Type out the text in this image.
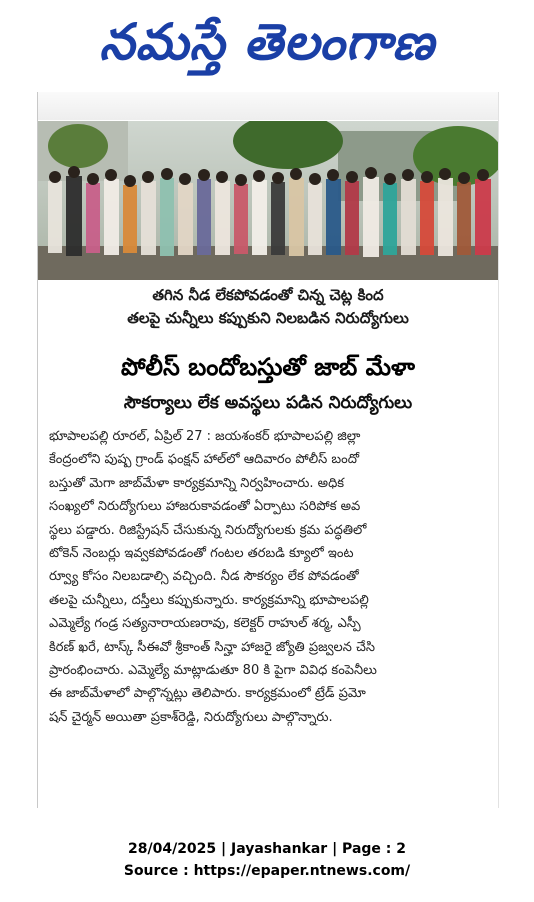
నమస్తే తెలంగాణ
తగిన నీడ లేకపోవడంతో చిన్న చెట్ల కింద
తలపై చున్నీలు కప్పుకుని నిలబడిన నిరుద్యోగులు
పోలీస్ బందోబస్తుతో జాబ్ మేళా
సౌకర్యాలు లేక అవస్థలు పడిన నిరుద్యోగులు
భూపాలపల్లి రూరల్, ఏప్రిల్ 27 : జయశంకర్ భూపాలపల్లి జిల్లా
కేంద్రంలోని పుష్ప గ్రాండ్ ఫంక్షన్ హాల్‌లో ఆదివారం పోలీస్ బందో
బస్తుతో మెగా జాబ్‌మేళా కార్యక్రమాన్ని నిర్వహించారు. అధిక
సంఖ్యలో నిరుద్యోగులు హాజరుకావడంతో ఏర్పాటు సరిపోక అవ
స్థలు పడ్డారు. రిజిస్ట్రేషన్ చేసుకున్న నిరుద్యోగులకు క్రమ పద్ధతిలో
టోకెన్ నెంబర్లు ఇవ్వకపోవడంతో గంటల తరబడి క్యూలో ఇంట
ర్వ్యూ కోసం నిలబడాల్సి వచ్చింది. నీడ సౌకర్యం లేక పోవడంతో
తలపై చున్నీలు, దస్తీలు కప్పుకున్నారు. కార్యక్రమాన్ని భూపాలపల్లి
ఎమ్మెల్యే గండ్ర సత్యనారాయణరావు, కలెక్టర్ రాహుల్ శర్మ, ఎస్పీ
కిరణ్ ఖరే, టాస్క్ సీఈవో శ్రీకాంత్ సిన్హా హాజరై జ్యోతి ప్రజ్వలన చేసి
ప్రారంభించారు. ఎమ్మెల్యే మాట్లాడుతూ 80 కి పైగా వివిధ కంపెనీలు
ఈ జాబ్‌మేళాలో పాల్గొన్నట్లు తెలిపారు. కార్యక్రమంలో ట్రేడ్ ప్రమో
షన్ చైర్మన్ అయితా ప్రకాశ్‌రెడ్డి, నిరుద్యోగులు పాల్గొన్నారు.
28/04/2025 | Jayashankar | Page : 2
Source : https://epaper.ntnews.com/
